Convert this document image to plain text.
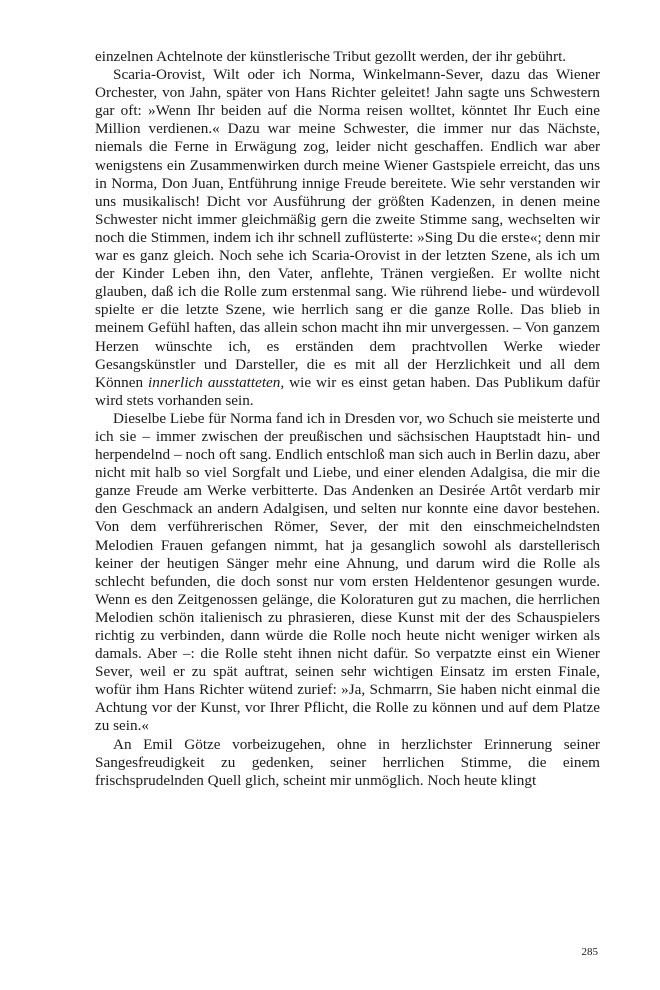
einzelnen Achtelnote der künstlerische Tribut gezollt werden, der ihr gebührt.

Scaria-Orovist, Wilt oder ich Norma, Winkelmann-Sever, dazu das Wiener Orchester, von Jahn, später von Hans Richter geleitet! Jahn sagte uns Schwestern gar oft: »Wenn Ihr beiden auf die Norma reisen wolltet, könntet Ihr Euch eine Million verdienen.« Dazu war meine Schwester, die immer nur das Nächste, niemals die Ferne in Erwägung zog, leider nicht geschaffen. Endlich war aber wenigstens ein Zusammenwirken durch meine Wiener Gastspiele erreicht, das uns in Norma, Don Juan, Entführung innige Freude bereitete. Wie sehr verstanden wir uns musikalisch! Dicht vor Ausführung der größten Kadenzen, in denen meine Schwester nicht immer gleichmäßig gern die zweite Stimme sang, wechselten wir noch die Stimmen, indem ich ihr schnell zuflüsterte: »Sing Du die erste«; denn mir war es ganz gleich. Noch sehe ich Scaria-Orovist in der letzten Szene, als ich um der Kinder Leben ihn, den Vater, anflehte, Tränen vergießen. Er wollte nicht glauben, daß ich die Rolle zum erstenmal sang. Wie rührend liebe- und würdevoll spielte er die letzte Szene, wie herrlich sang er die ganze Rolle. Das blieb in meinem Gefühl haften, das allein schon macht ihn mir unvergessen. – Von ganzem Herzen wünschte ich, es erständen dem prachtvollen Werke wieder Gesangskünstler und Darsteller, die es mit all der Herzlichkeit und all dem Können innerlich ausstatteten, wie wir es einst getan haben. Das Publikum dafür wird stets vorhanden sein.

Dieselbe Liebe für Norma fand ich in Dresden vor, wo Schuch sie meisterte und ich sie – immer zwischen der preußischen und sächsischen Hauptstadt hin- und herpendelnd – noch oft sang. Endlich entschloß man sich auch in Berlin dazu, aber nicht mit halb so viel Sorgfalt und Liebe, und einer elenden Adalgisa, die mir die ganze Freude am Werke verbitterte. Das Andenken an Desirée Artôt verdarb mir den Geschmack an andern Adalgisen, und selten nur konnte eine davor bestehen. Von dem verführerischen Römer, Sever, der mit den einschmeichelndsten Melodien Frauen gefangen nimmt, hat ja gesanglich sowohl als darstellerisch keiner der heutigen Sänger mehr eine Ahnung, und darum wird die Rolle als schlecht befunden, die doch sonst nur vom ersten Heldentenor gesungen wurde. Wenn es den Zeitgenossen gelänge, die Koloraturen gut zu machen, die herrlichen Melodien schön italienisch zu phrasieren, diese Kunst mit der des Schauspielers richtig zu verbinden, dann würde die Rolle noch heute nicht weniger wirken als damals. Aber –: die Rolle steht ihnen nicht dafür. So verpatzte einst ein Wiener Sever, weil er zu spät auftrat, seinen sehr wichtigen Einsatz im ersten Finale, wofür ihm Hans Richter wütend zurief: »Ja, Schmarrn, Sie haben nicht einmal die Achtung vor der Kunst, vor Ihrer Pflicht, die Rolle zu können und auf dem Platze zu sein.«

An Emil Götze vorbeizugehen, ohne in herzlichster Erinnerung seiner Sangesfreudigkeit zu gedenken, seiner herrlichen Stimme, die einem frischsprudelnden Quell glich, scheint mir unmöglich. Noch heute klingt

285
